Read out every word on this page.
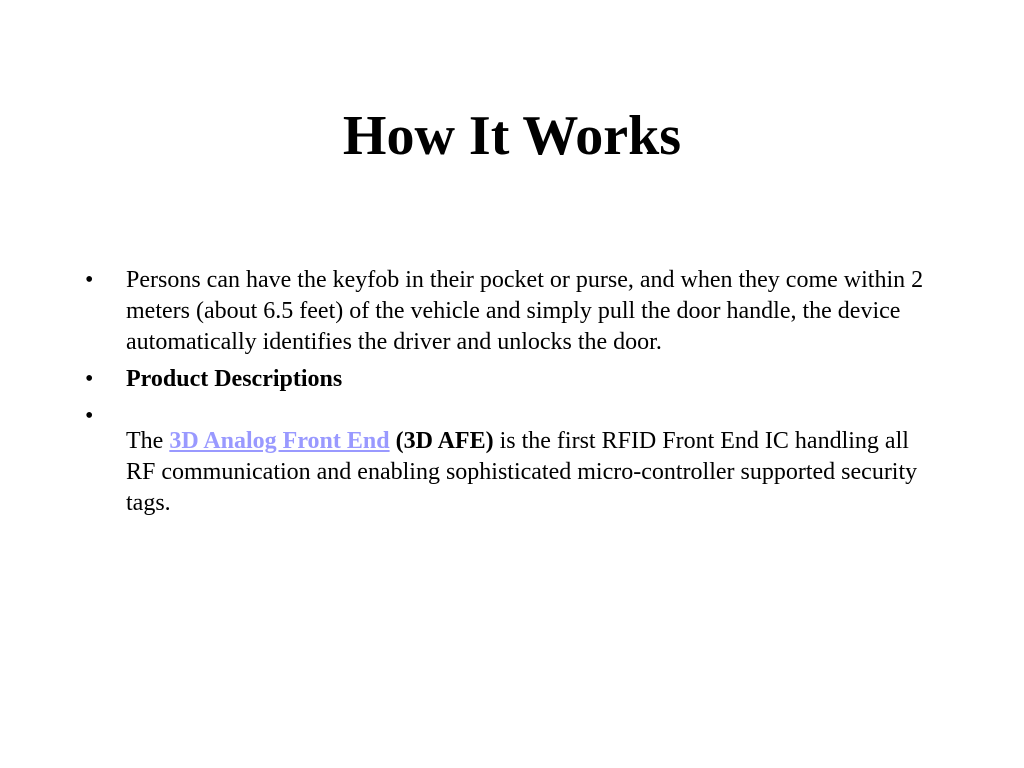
How It Works
•	Persons can have the keyfob in their pocket or purse, and when they come within 2 meters (about 6.5 feet) of the vehicle and simply pull the door handle, the device automatically identifies the driver and unlocks the door.
•	Product Descriptions
•
The 3D Analog Front End (3D AFE) is the first RFID Front End IC handling all RF communication and enabling sophisticated micro-controller supported security tags.
